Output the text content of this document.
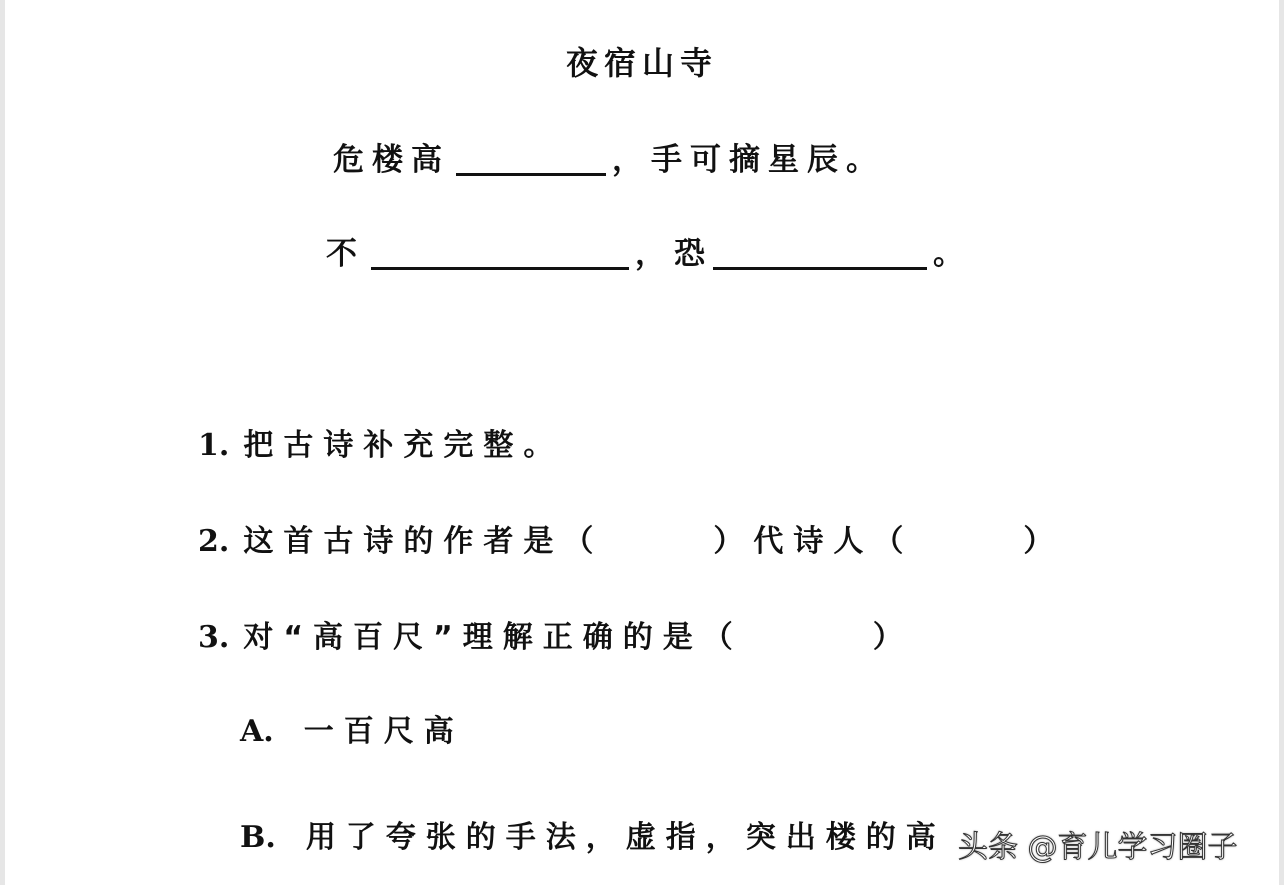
夜宿山寺
危楼高	，手可摘星辰。
不	，恐	。
1. 把古诗补充完整。
2. 这首古诗的作者是（	）代诗人（	）
3. 对“高百尺”理解正确的是（	）
A. 一百尺高
B. 用了夸张的手法，虚指，突出楼的高 头条 @育儿学习圈子
